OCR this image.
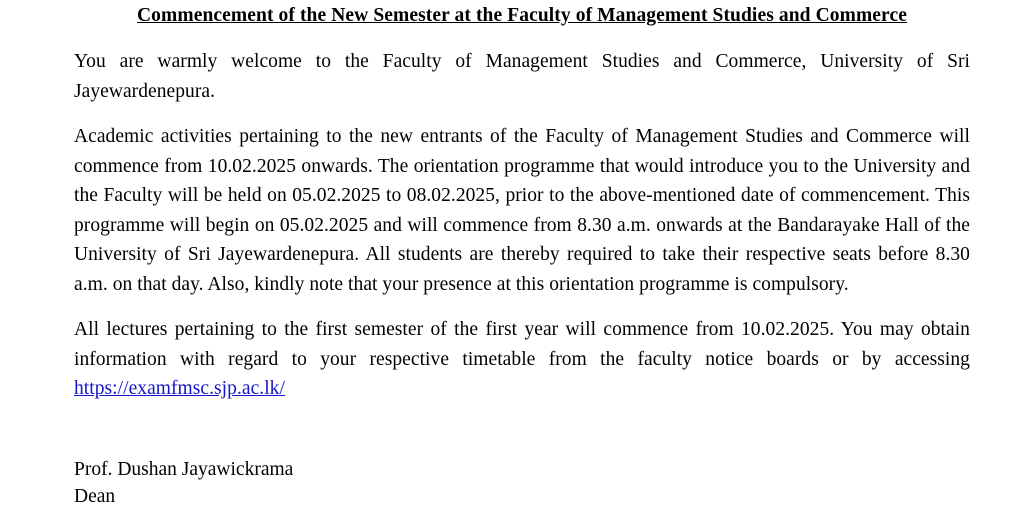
Commencement of the New Semester at the Faculty of Management Studies and Commerce

You are warmly welcome to the Faculty of Management Studies and Commerce, University of Sri Jayewardenepura.

Academic activities pertaining to the new entrants of the Faculty of Management Studies and Commerce will commence from 10.02.2025 onwards. The orientation programme that would introduce you to the University and the Faculty will be held on 05.02.2025 to 08.02.2025, prior to the above-mentioned date of commencement. This programme will begin on 05.02.2025 and will commence from 8.30 a.m. onwards at the Bandarayake Hall of the University of Sri Jayewardenepura. All students are thereby required to take their respective seats before 8.30 a.m. on that day. Also, kindly note that your presence at this orientation programme is compulsory.

All lectures pertaining to the first semester of the first year will commence from 10.02.2025. You may obtain information with regard to your respective timetable from the faculty notice boards or by accessing https://examfmsc.sjp.ac.lk/

Prof. Dushan Jayawickrama

Dean
